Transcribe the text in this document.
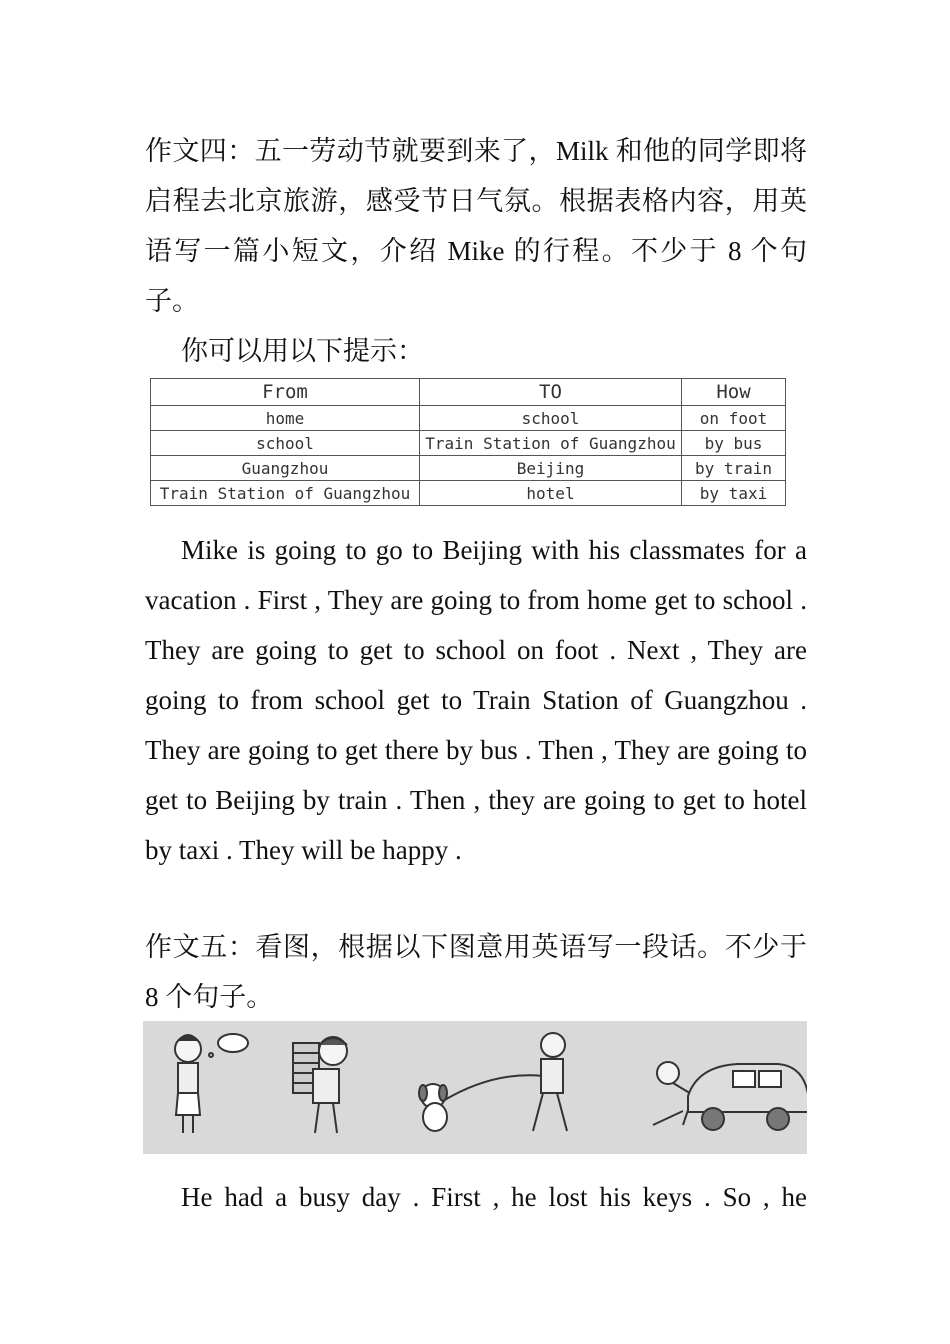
作文四：五一劳动节就要到来了，Milk 和他的同学即将启程去北京旅游，感受节日气氛。根据表格内容，用英语写一篇小短文，介绍 Mike 的行程。不少于 8 个句子。

你可以用以下提示：

From	TO	How
home	school	on foot
school	Train Station of Guangzhou	by bus
Guangzhou	Beijing	by train
Train Station of Guangzhou	hotel	by taxi

Mike is going to go to Beijing with his classmates for a vacation . First , They are going to from home get to school . They are going to get to school on foot . Next , They are going to from school get to Train Station of Guangzhou . They are going to get there by bus . Then , They are going to get to Beijing by train . Then , they are going to get to hotel by taxi . They will be happy .

作文五：看图，根据以下图意用英语写一段话。不少于 8 个句子。

He had a busy day . First , he lost his keys . So , he
